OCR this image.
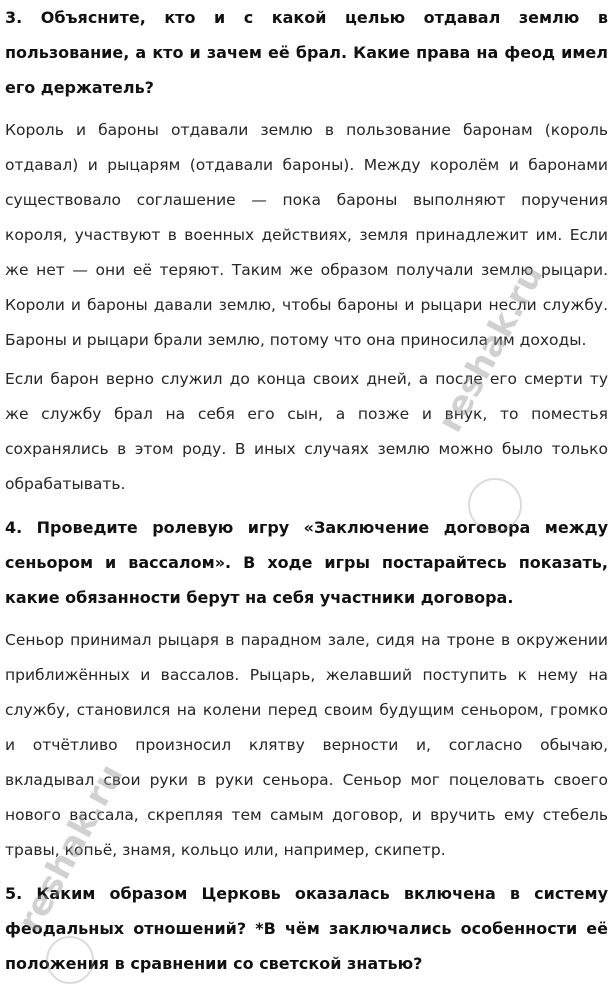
3. Объясните, кто и с какой целью отдавал землю в пользование, а кто и зачем её брал. Какие права на феод имел его держатель?

Король и бароны отдавали землю в пользование баронам (король отдавал) и рыцарям (отдавали бароны). Между королём и баронами существовало соглашение — пока бароны выполняют поручения короля, участвуют в военных действиях, земля принадлежит им. Если же нет — они её теряют. Таким же образом получали землю рыцари. Короли и бароны давали землю, чтобы бароны и рыцари несли службу. Бароны и рыцари брали землю, потому что она приносила им доходы.

Если барон верно служил до конца своих дней, а после его смерти ту же службу брал на себя его сын, а позже и внук, то поместья сохранялись в этом роду. В иных случаях землю можно было только обрабатывать.

4. Проведите ролевую игру «Заключение договора между сеньором и вассалом». В ходе игры постарайтесь показать, какие обязанности берут на себя участники договора.

Сеньор принимал рыцаря в парадном зале, сидя на троне в окружении приближённых и вассалов. Рыцарь, желавший поступить к нему на службу, становился на колени перед своим будущим сеньором, громко и отчётливо произносил клятву верности и, согласно обычаю, вкладывал свои руки в руки сеньора. Сеньор мог поцеловать своего нового вассала, скрепляя тем самым договор, и вручить ему стебель травы, копьё, знамя, кольцо или, например, скипетр.

5. Каким образом Церковь оказалась включена в систему феодальных отношений? *В чём заключались особенности её положения в сравнении со светской знатью?

reshak.ru
reshak.ru
